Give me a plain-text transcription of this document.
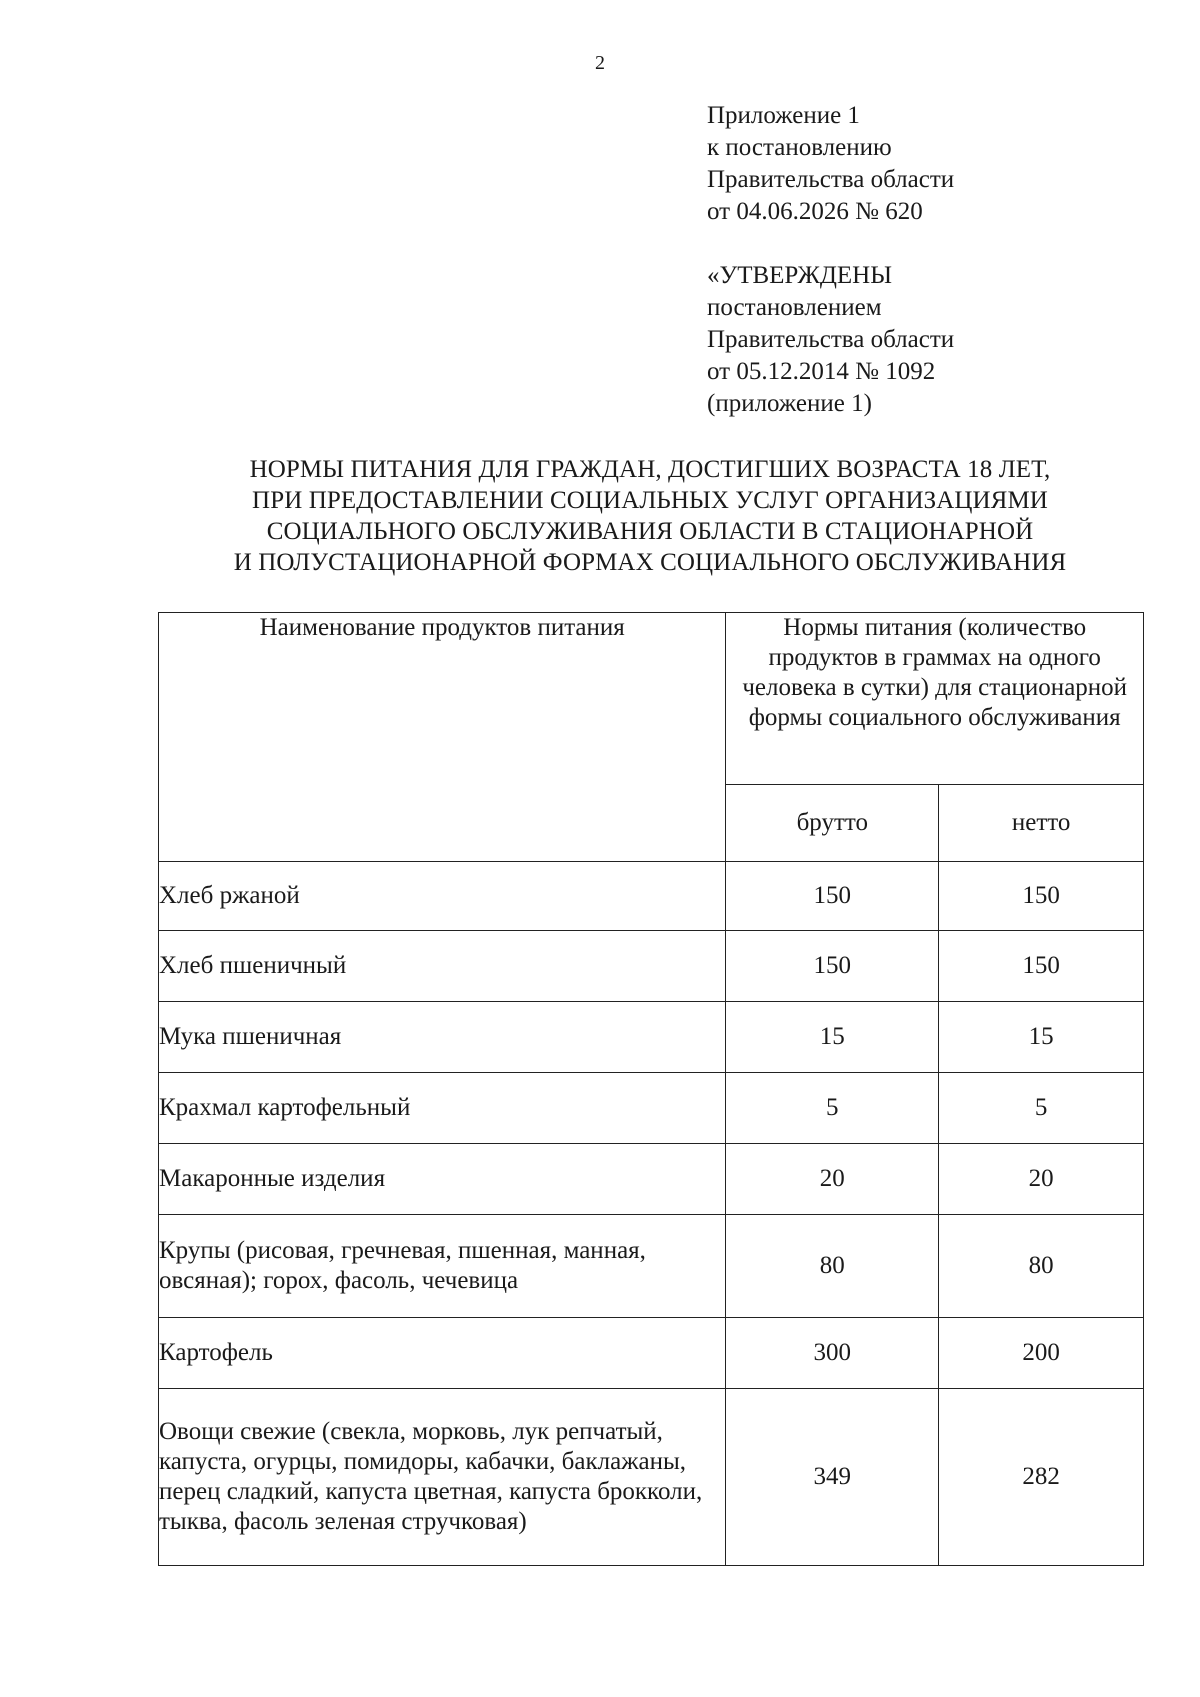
2
Приложение 1
к постановлению
Правительства области
от 04.06.2026 № 620
«УТВЕРЖДЕНЫ
постановлением
Правительства области
от 05.12.2014 № 1092
(приложение 1)
НОРМЫ ПИТАНИЯ ДЛЯ ГРАЖДАН, ДОСТИГШИХ ВОЗРАСТА 18 ЛЕТ,
ПРИ ПРЕДОСТАВЛЕНИИ СОЦИАЛЬНЫХ УСЛУГ ОРГАНИЗАЦИЯМИ
СОЦИАЛЬНОГО ОБСЛУЖИВАНИЯ ОБЛАСТИ В СТАЦИОНАРНОЙ
И ПОЛУСТАЦИОНАРНОЙ ФОРМАХ СОЦИАЛЬНОГО ОБСЛУЖИВАНИЯ
Наименование продуктов питания	Нормы питания (количество продуктов в граммах на одного человека в сутки) для стационарной формы социального обслуживания	
	брутто	нетто
Хлеб ржаной	150	150
Хлеб пшеничный	150	150
Мука пшеничная	15	15
Крахмал картофельный	5	5
Макаронные изделия	20	20
Крупы (рисовая, гречневая, пшенная, манная, овсяная); горох, фасоль, чечевица	80	80
Картофель	300	200
Овощи свежие (свекла, морковь, лук репчатый, капуста, огурцы, помидоры, кабачки, баклажаны, перец сладкий, капуста цветная, капуста брокколи, тыква, фасоль зеленая стручковая)	349	282
